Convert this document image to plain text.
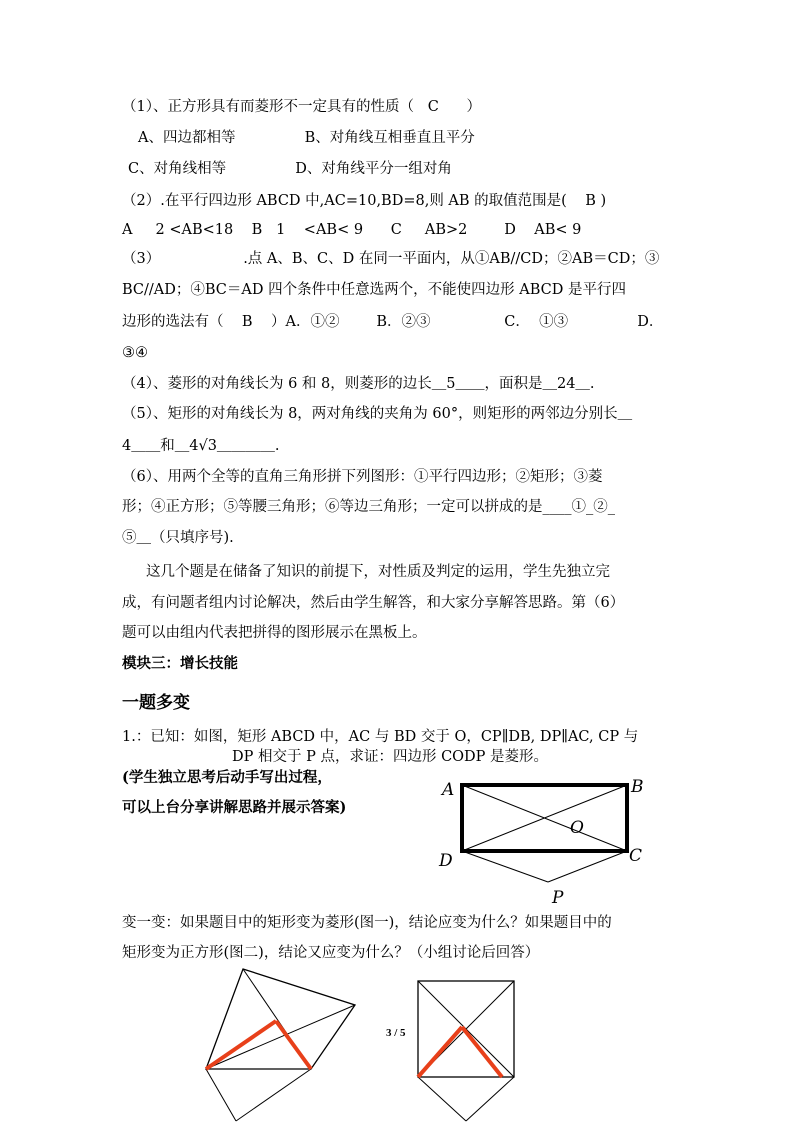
（1）、正方形具有而菱形不一定具有的性质（   C      ）
A、四边都相等               B、对角线互相垂直且平分
C、对角线相等               D、对角线平分一组对角
（2）.在平行四边形 ABCD 中,AC=10,BD=8,则 AB 的取值范围是(    B )
A     2 <AB<18    B   1    <AB< 9      C     AB>2        D    AB< 9
（3）                  .点 A、B、C、D 在同一平面内，从①AB//CD；②AB＝CD；③
BC//AD；④BC＝AD 四个条件中任意选两个，不能使四边形 ABCD 是平行四
边形的选法有（    B    ）A．①②        B．②③                C．  ①③               D．
③④
（4）、菱形的对角线长为 6 和 8，则菱形的边长＿5＿＿，面积是＿24＿.
（5）、矩形的对角线长为 8，两对角线的夹角为 60°，则矩形的两邻边分别长＿
4＿＿和＿4√3＿＿＿＿.
（6）、用两个全等的直角三角形拼下列图形：①平行四边形；②矩形；③菱
形；④正方形；⑤等腰三角形；⑥等边三角形；一定可以拼成的是____①_②_
⑤＿（只填序号).
这几个题是在储备了知识的前提下，对性质及判定的运用，学生先独立完
成，有问题者组内讨论解决，然后由学生解答，和大家分享解答思路。第（6）
题可以由组内代表把拼得的图形展示在黑板上。
模块三：增长技能
一题多变
1.：已知：如图，矩形 ABCD 中，AC 与 BD 交于 O，CP∥DB, DP∥AC, CP 与
DP 相交于 P 点，求证：四边形 CODP 是菱形。
(学生独立思考后动手写出过程，
可以上台分享讲解思路并展示答案)
变一变：如果题目中的矩形变为菱形(图一)，结论应变为什么？如果题目中的
矩形变为正方形(图二)，结论又应变为什么？（小组讨论后回答）
A	B
O
D	C
P
3 / 5
